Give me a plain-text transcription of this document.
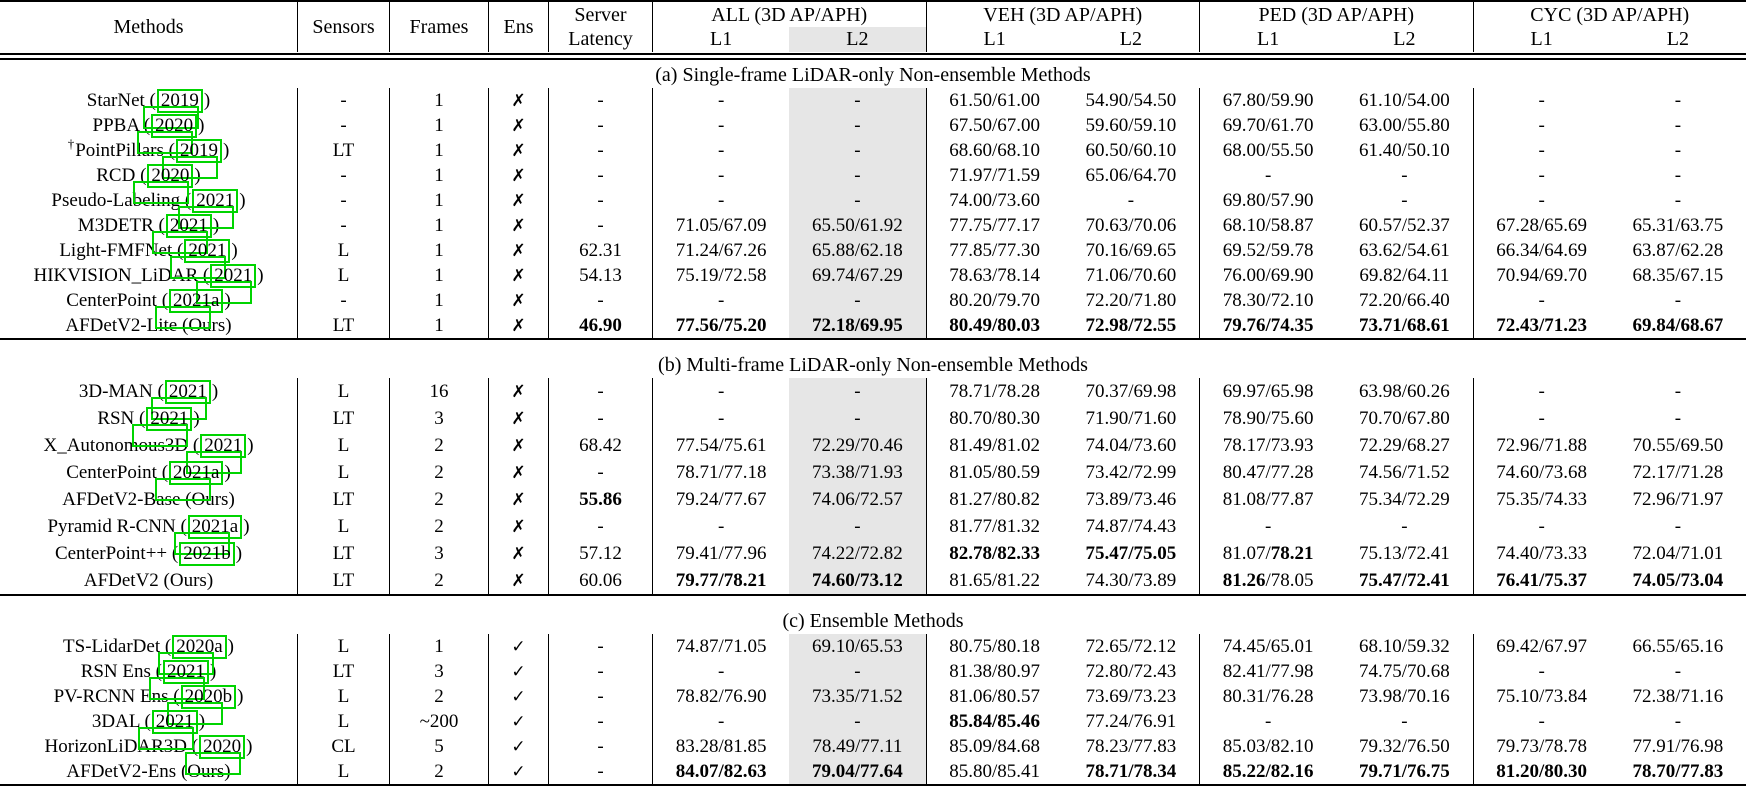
Methods	Sensors	Frames	Ens
Server
Latency
ALL (3D AP/APH)
L1	L2
VEH (3D AP/APH)
L1	L2
PED (3D AP/APH)
L1	L2
CYC (3D AP/APH)
L1	L2
(a) Single-frame LiDAR-only Non-ensemble Methods
StarNet ( 2019 )	-	1	✗	-	-	-	61.50/61.00 54.90/54.50 67.80/59.90 61.10/54.00	-	-
PPBA ( 2020 )	-	1	✗	-	-	-	67.50/67.00 59.60/59.10 69.70/61.70 63.00/55.80	-	-
†PointPillars ( 2019 )	LT	1	✗	-	-	-	68.60/68.10 60.50/60.10 68.00/55.50 61.40/50.10	-	-
RCD ( 2020 )	-	1	✗	-	-	-	71.97/71.59 65.06/64.70	-	-	-	-
Pseudo-Labeling ( 2021 )	-	1	✗	-	-	-	74.00/73.60	-	69.80/57.90	-	-	-
M3DETR ( 2021 )	-	1	✗	-	71.05/67.09 65.50/61.92 77.75/77.17 70.63/70.06 68.10/58.87 60.57/52.37 67.28/65.69 65.31/63.75
Light-FMFNet ( 2021 )	L	1	✗	62.31	71.24/67.26 65.88/62.18 77.85/77.30 70.16/69.65 69.52/59.78 63.62/54.61 66.34/64.69 63.87/62.28
HIKVISION_LiDAR ( 2021 )	L	1	✗	54.13	75.19/72.58 69.74/67.29 78.63/78.14 71.06/70.60 76.00/69.90 69.82/64.11 70.94/69.70 68.35/67.15
CenterPoint ( 2021a )	-	1	✗	-	-	-	80.20/79.70 72.20/71.80 78.30/72.10 72.20/66.40	-	-
AFDetV2-Lite (Ours)	LT	1	✗	46.90	77.56/75.20 72.18/69.95 80.49/80.03 72.98/72.55 79.76/74.35 73.71/68.61 72.43/71.23 69.84/68.67
(b) Multi-frame LiDAR-only Non-ensemble Methods
3D-MAN ( 2021 )	L	16	✗	-	-	-	78.71/78.28 70.37/69.98 69.97/65.98 63.98/60.26	-	-
RSN ( 2021 )	LT	3	✗	-	-	-	80.70/80.30 71.90/71.60 78.90/75.60 70.70/67.80	-	-
X_Autonomous3D ( 2021 )	L	2	✗	68.42	77.54/75.61 72.29/70.46 81.49/81.02 74.04/73.60 78.17/73.93 72.29/68.27 72.96/71.88 70.55/69.50
CenterPoint ( 2021a )	L	2	✗	-	78.71/77.18 73.38/71.93 81.05/80.59 73.42/72.99 80.47/77.28 74.56/71.52 74.60/73.68 72.17/71.28
AFDetV2-Base (Ours)	LT	2	✗	55.86	79.24/77.67 74.06/72.57 81.27/80.82 73.89/73.46 81.08/77.87 75.34/72.29 75.35/74.33 72.96/71.97
Pyramid R-CNN ( 2021a )	L	2	✗	-	-	-	81.77/81.32 74.87/74.43	-	-	-	-
CenterPoint++ ( 2021b )	LT	3	✗	57.12	79.41/77.96 74.22/72.82 82.78/82.33 75.47/75.05 81.07/ 78.21 75.13/72.41 74.40/73.33 72.04/71.01
AFDetV2 (Ours)	LT	2	✗	60.06	79.77/78.21 74.60/73.12 81.65/81.22 74.30/73.89 81.26 /78.05 75.47/72.41 76.41/75.37 74.05/73.04
(c) Ensemble Methods
TS-LidarDet ( 2020a )	L	1	✓	-	74.87/71.05 69.10/65.53 80.75/80.18 72.65/72.12 74.45/65.01 68.10/59.32 69.42/67.97 66.55/65.16
RSN Ens ( 2021 )	LT	3	✓	-	-	-	81.38/80.97 72.80/72.43 82.41/77.98 74.75/70.68	-	-
PV-RCNN Ens ( 2020b )	L	2	✓	-	78.82/76.90 73.35/71.52 81.06/80.57 73.69/73.23 80.31/76.28 73.98/70.16 75.10/73.84 72.38/71.16
3DAL ( 2021 )	L	~200	✓	-	-	-	85.84/85.46 77.24/76.91	-	-	-	-
HorizonLiDAR3D ( 2020 )	CL	5	✓	-	83.28/81.85 78.49/77.11 85.09/84.68 78.23/77.83 85.03/82.10 79.32/76.50 79.73/78.78 77.91/76.98
AFDetV2-Ens (Ours)	L	2	✓	-	84.07/82.63 79.04/77.64 85.80/85.41 78.71/78.34 85.22/82.16 79.71/76.75 81.20/80.30 78.70/77.83
